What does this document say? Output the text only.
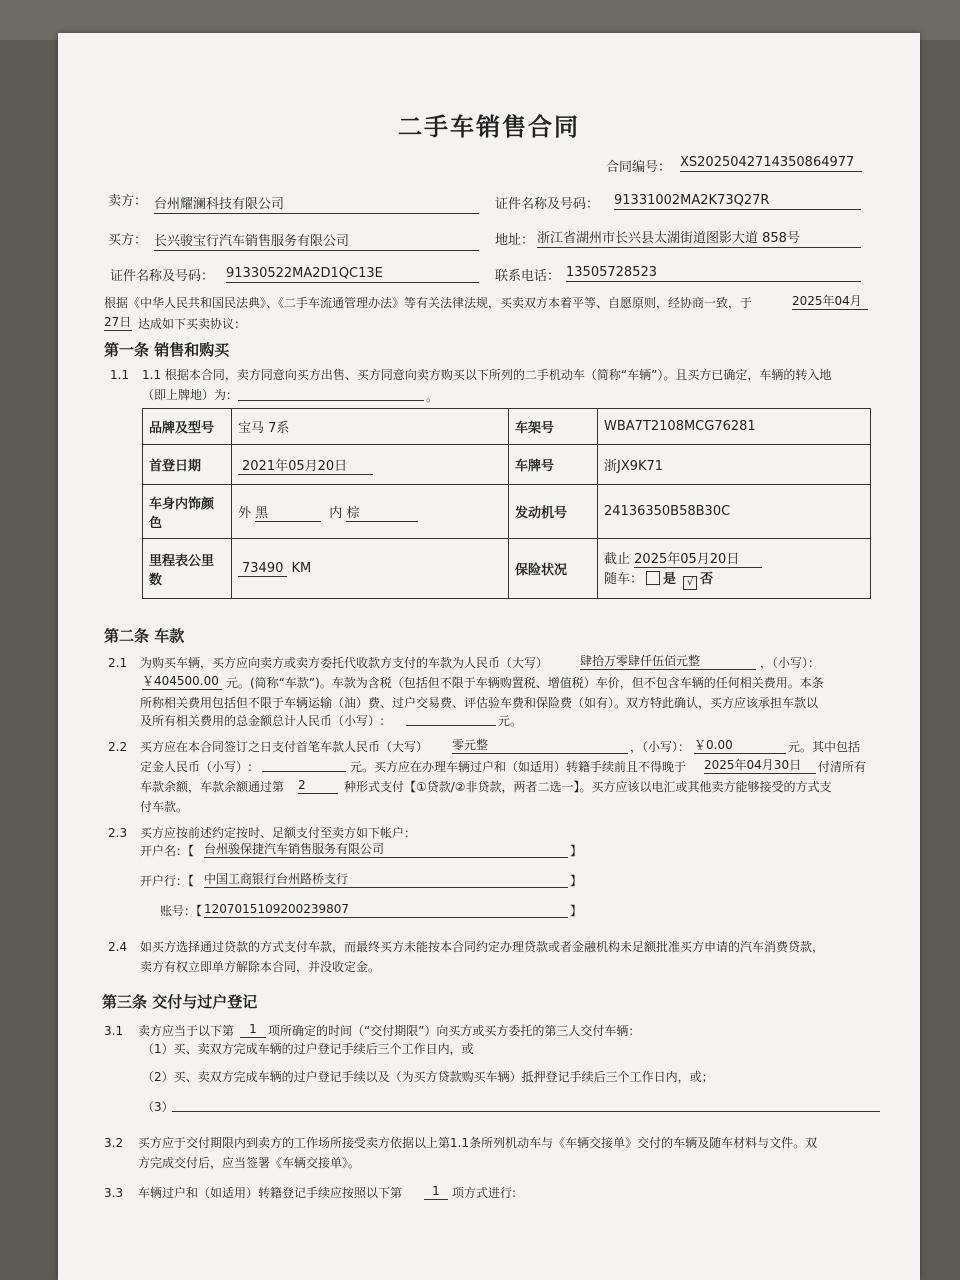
二手车销售合同
合同编号： XS2025042714350864977
卖方： 台州耀澜科技有限公司	证件名称及号码： 91331002MA2K73Q27R
买方： 长兴骏宝行汽车销售服务有限公司	地址： 浙江省湖州市长兴县太湖街道图影大道 858号
证件名称及号码： 91330522MA2D1QC13E	联系电话： 13505728523
根据《中华人民共和国民法典》、《二手车流通管理办法》等有关法律法规，买卖双方本着平等、自愿原则，经协商一致，于	2025年04月
27日 达成如下买卖协议：
第一条 销售和购买
1.1 1.1 根据本合同，卖方同意向买方出售、买方同意向卖方购买以下所列的二手机动车（简称“车辆”）。且买方已确定，车辆的转入地
（即上牌地）为：	。
品牌及型号	宝马 7系	车架号	WBA7T2108MCG76281
首登日期	2021年05月20日	车牌号	浙JX9K71
车身内饰颜
色	外 黑 内 棕	发动机号	24136350B58B30C
里程表公里
数	73490 KM	保险状况	截止 2025年05月20日
随车： 是 √ 否
第二条 车款
2.1 为购买车辆，买方应向卖方或卖方委托代收款方支付的车款为人民币（大写）	肆拾万零肆仟伍佰元整	，（小写）：
￥404500.00 元。(简称“车款”)。车款为含税（包括但不限于车辆购置税、增值税）车价，但不包含车辆的任何相关费用。本条
所称相关费用包括但不限于车辆运输（油）费、过户交易费、评估验车费和保险费（如有）。双方特此确认，买方应该承担车款以
及所有相关费用的总金额总计人民币（小写）:	元。
2.2 买方应在本合同签订之日支付首笔车款人民币（大写） 零元整	，（小写）： ￥0.00	元。其中包括
定金人民币（小写）:	元。买方应在办理车辆过户和（如适用）转籍手续前且不得晚于 2025年04月30日	付清所有
车款余额，车款余额通过第 2	种形式支付【①贷款/②非贷款，两者二选一】。买方应该以电汇或其他卖方能够接受的方式支
付车款。
2.3 买方应按前述约定按时、足额支付至卖方如下帐户：
开户名：【 台州骏保捷汽车销售服务有限公司	】
开户行：【 中国工商银行台州路桥支行	】
账号：【 1207015109200239807	】
2.4 如买方选择通过贷款的方式支付车款，而最终买方未能按本合同约定办理贷款或者金融机构未足额批准买方申请的汽车消费贷款，
卖方有权立即单方解除本合同，并没收定金。
第三条 交付与过户登记
3.1 卖方应当于以下第	1 项所确定的时间（“交付期限”）向买方或买方委托的第三人交付车辆：
（1）买、卖双方完成车辆的过户登记手续后三个工作日内，或
（2）买、卖双方完成车辆的过户登记手续以及（为买方贷款购买车辆）抵押登记手续后三个工作日内，或；
（3）
3.2 买方应于交付期限内到卖方的工作场所接受卖方依据以上第1.1条所列机动车与《车辆交接单》交付的车辆及随车材料与文件。双
方完成交付后，应当签署《车辆交接单》。
3.3 车辆过户和（如适用）转籍登记手续应按照以下第	1	项方式进行:
